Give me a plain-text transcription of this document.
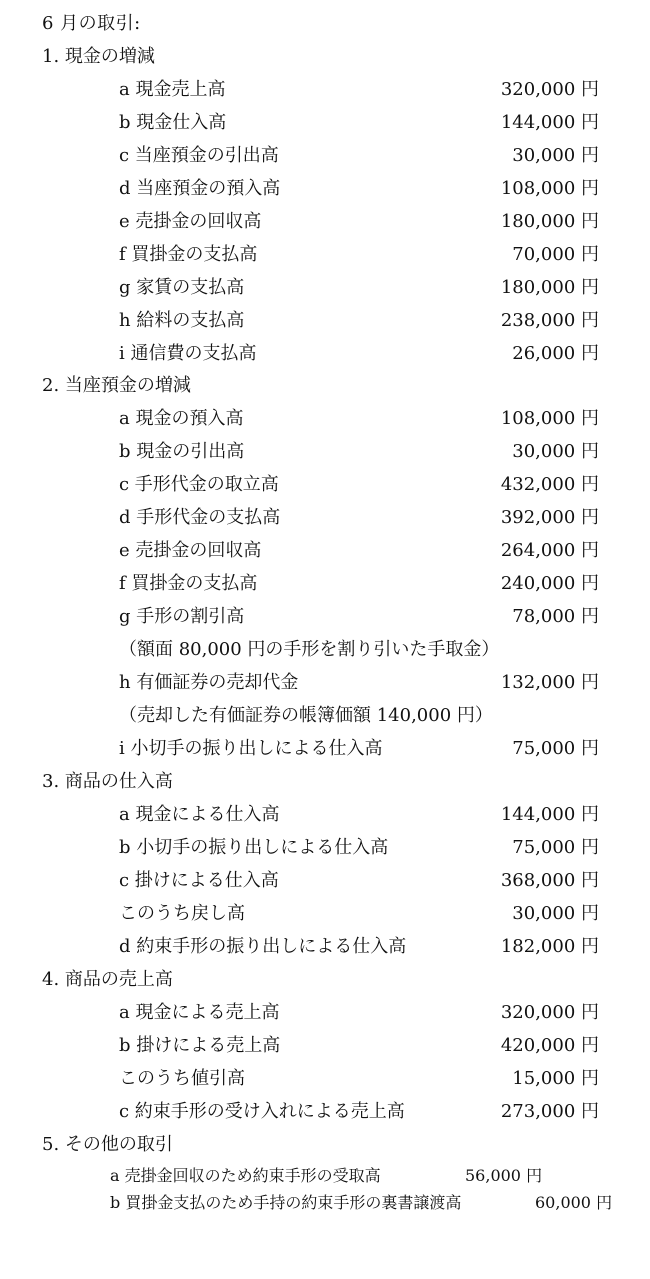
6 月の取引:
1. 現金の増減
a 現金売上高	320,000 円
b 現金仕入高	144,000 円
c 当座預金の引出高	30,000 円
d 当座預金の預入高	108,000 円
e 売掛金の回収高	180,000 円
f 買掛金の支払高	70,000 円
g 家賃の支払高	180,000 円
h 給料の支払高	238,000 円
i 通信費の支払高	26,000 円
2. 当座預金の増減
a 現金の預入高	108,000 円
b 現金の引出高	30,000 円
c 手形代金の取立高	432,000 円
d 手形代金の支払高	392,000 円
e 売掛金の回収高	264,000 円
f 買掛金の支払高	240,000 円
g 手形の割引高	78,000 円
（額面 80,000 円の手形を割り引いた手取金）
h 有価証券の売却代金	132,000 円
（売却した有価証券の帳簿価額 140,000 円）
i 小切手の振り出しによる仕入高	75,000 円
3. 商品の仕入高
a 現金による仕入高	144,000 円
b 小切手の振り出しによる仕入高	75,000 円
c 掛けによる仕入高	368,000 円
このうち戻し高	30,000 円
d 約束手形の振り出しによる仕入高	182,000 円
4. 商品の売上高
a 現金による売上高	320,000 円
b 掛けによる売上高	420,000 円
このうち値引高	15,000 円
c 約束手形の受け入れによる売上高	273,000 円
5. その他の取引
a 売掛金回収のため約束手形の受取高	56,000 円
b 買掛金支払のため手持の約束手形の裏書譲渡高	60,000 円
